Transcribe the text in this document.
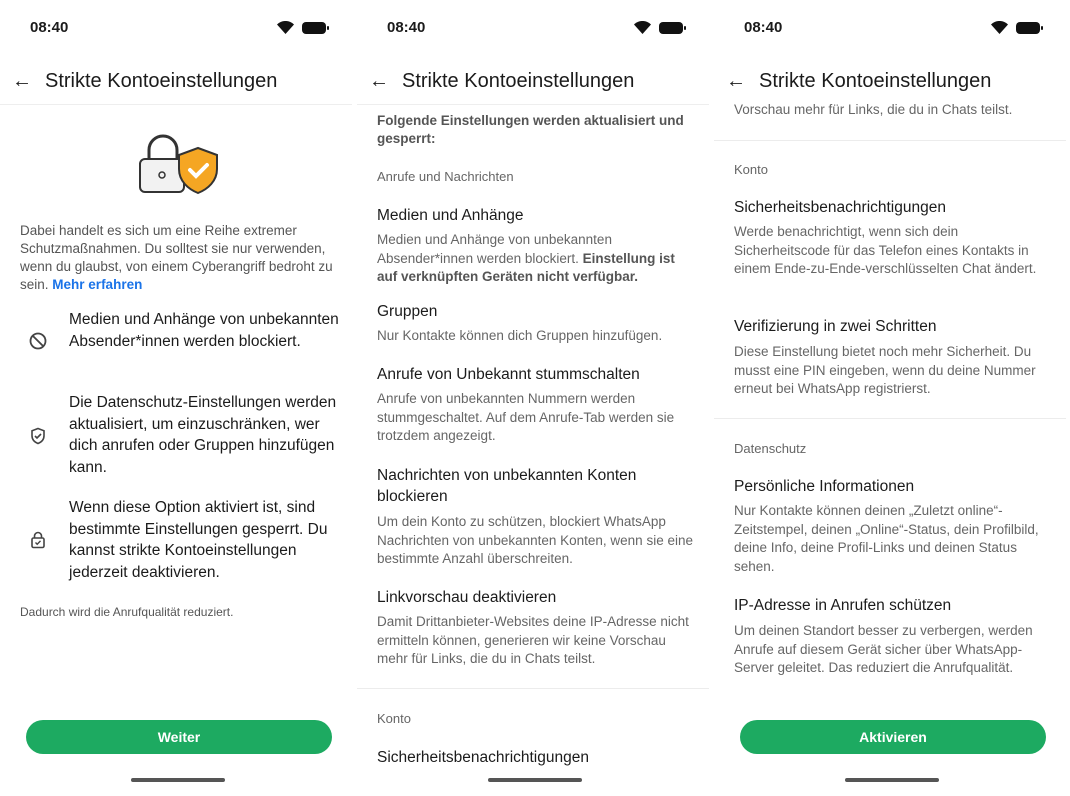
08:40
← Strikte Kontoeinstellungen
Dabei handelt es sich um eine Reihe extremer Schutzmaßnahmen. Du solltest sie nur verwenden, wenn du glaubst, von einem Cyberangriff bedroht zu sein. Mehr erfahren
Medien und Anhänge von unbekannten Absender*innen werden blockiert.
Die Datenschutz-Einstellungen werden aktualisiert, um einzuschränken, wer dich anrufen oder Gruppen hinzufügen kann.
Wenn diese Option aktiviert ist, sind bestimmte Einstellungen gesperrt. Du kannst strikte Kontoeinstellungen jederzeit deaktivieren.
Dadurch wird die Anrufqualität reduziert.
Weiter
08:40
← Strikte Kontoeinstellungen
Folgende Einstellungen werden aktualisiert und gesperrt:
Anrufe und Nachrichten
Medien und Anhänge
Medien und Anhänge von unbekannten Absender*innen werden blockiert. Einstellung ist auf verknüpften Geräten nicht verfügbar.
Gruppen
Nur Kontakte können dich Gruppen hinzufügen.
Anrufe von Unbekannt stummschalten
Anrufe von unbekannten Nummern werden stummgeschaltet. Auf dem Anrufe-Tab werden sie trotzdem angezeigt.
Nachrichten von unbekannten Konten blockieren
Um dein Konto zu schützen, blockiert WhatsApp Nachrichten von unbekannten Konten, wenn sie eine bestimmte Anzahl überschreiten.
Linkvorschau deaktivieren
Damit Drittanbieter-Websites deine IP-Adresse nicht ermitteln können, generieren wir keine Vorschau mehr für Links, die du in Chats teilst.
Konto
Sicherheitsbenachrichtigungen
08:40
← Strikte Kontoeinstellungen
Vorschau mehr für Links, die du in Chats teilst.
Konto
Sicherheitsbenachrichtigungen
Werde benachrichtigt, wenn sich dein Sicherheitscode für das Telefon eines Kontakts in einem Ende-zu-Ende-verschlüsselten Chat ändert.
Verifizierung in zwei Schritten
Diese Einstellung bietet noch mehr Sicherheit. Du musst eine PIN eingeben, wenn du deine Nummer erneut bei WhatsApp registrierst.
Datenschutz
Persönliche Informationen
Nur Kontakte können deinen „Zuletzt online“-Zeitstempel, deinen „Online“-Status, dein Profilbild, deine Info, deine Profil-Links und deinen Status sehen.
IP-Adresse in Anrufen schützen
Um deinen Standort besser zu verbergen, werden Anrufe auf diesem Gerät sicher über WhatsApp-Server geleitet. Das reduziert die Anrufqualität.
Aktivieren
